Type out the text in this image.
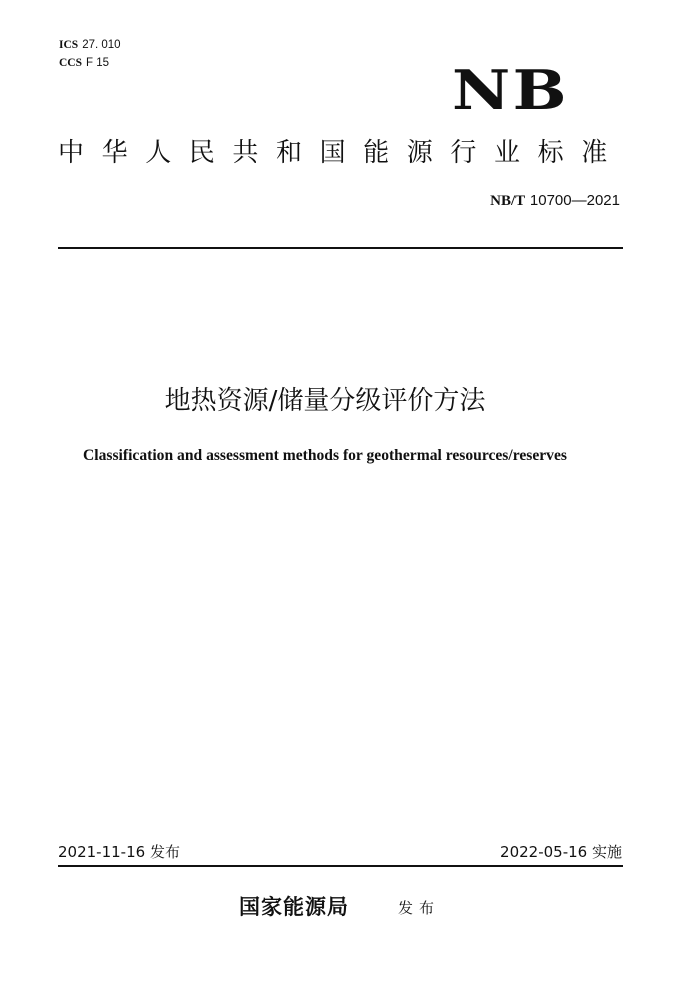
ICS 27. 010
CCS F 15	NB
中华人民共和国能源行业标准
NB/T 10700—2021
地热资源/储量分级评价方法
Classification and assessment methods for geothermal resources/reserves
2021-11-16 发布	2022-05-16 实施
国家能源局	发布
